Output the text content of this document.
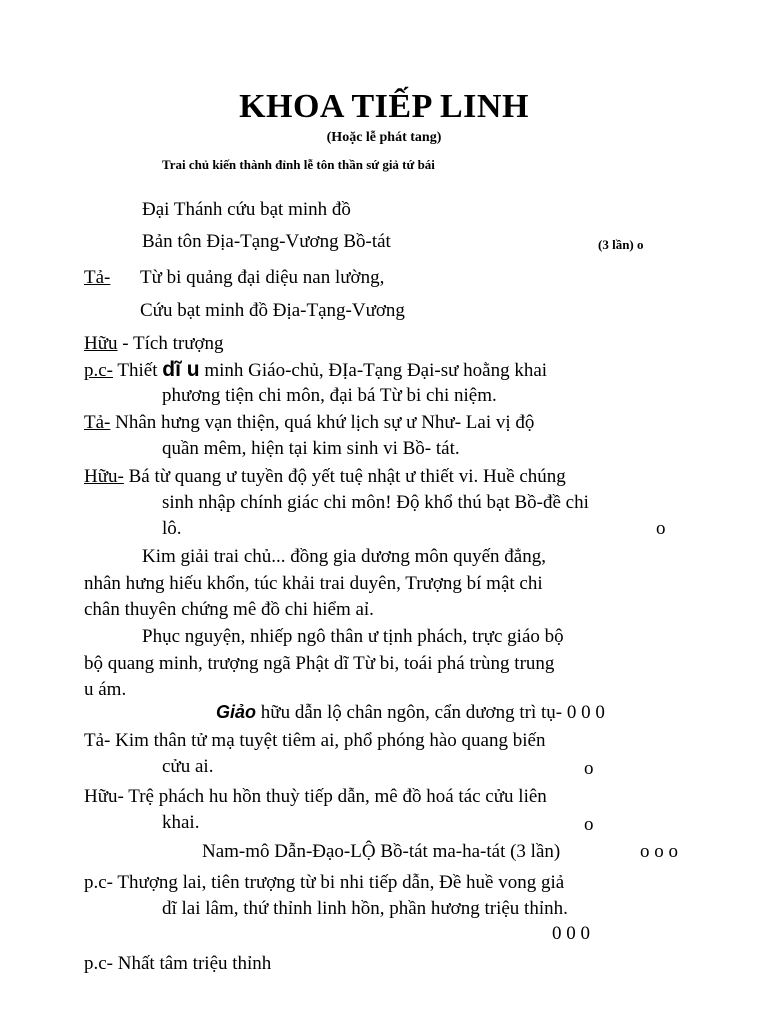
KHOA TIẾP LINH
(Hoặc lễ phát tang)
Trai chủ kiến thành đỉnh lễ tôn thần sứ giả tứ bái
Đại Thánh cứu bạt minh đồ
Bản tôn Địa-Tạng-Vương Bồ-tát	(3 lần) o
Tả- Từ bi quảng đại diệu nan lường,
Cứu bạt minh đồ Địa-Tạng-Vương
Hữu - Tích trượng
p.c- Thiết dĩ u minh Giáo-chủ, ĐỊa-Tạng Đại-sư hoằng khai
phương tiện chi môn, đại bá Từ bi chi niệm.
Tả- Nhân hưng vạn thiện, quá khứ lịch sự ư Như- Lai vị độ
quần mêm, hiện tại kim sinh vi Bồ- tát.
Hữu- Bá từ quang ư tuyền độ yết tuệ nhật ư thiết vi. Huề chúng
sinh nhập chính giác chi môn! Độ khổ thú bạt Bồ-đề chi
lô.	o
Kim giải trai chủ... đồng gia dương môn quyến đẳng,
nhân hưng hiếu khổn, túc khải trai duyên, Trượng bí mật chi
chân thuyên chứng mê đồ chi hiểm aỉ.
Phục nguyện, nhiếp ngô thân ư tịnh phách, trực giáo bộ
bộ quang minh, trượng ngã Phật dĩ Từ bi, toái phá trùng trung
u ám.
Giảo hữu dẫn lộ chân ngôn, cẩn dương trì tụ- 0 0 0
Tả- Kim thân tử mạ tuyệt tiêm ai, phổ phóng hào quang biến
cửu ai.	o
Hữu- Trệ phách hu hồn thuỳ tiếp dẫn, mê đồ hoá tác cửu liên
khai.	o
Nam-mô Dẫn-Đạo-LỘ Bồ-tát ma-ha-tát (3 lần)	o o o
p.c- Thượng lai, tiên trượng từ bi nhi tiếp dẫn, Đề huề vong giả
dĩ lai lâm, thứ thỉnh linh hồn, phần hương triệu thỉnh.
0 0 0
p.c- Nhất tâm triệu thỉnh
